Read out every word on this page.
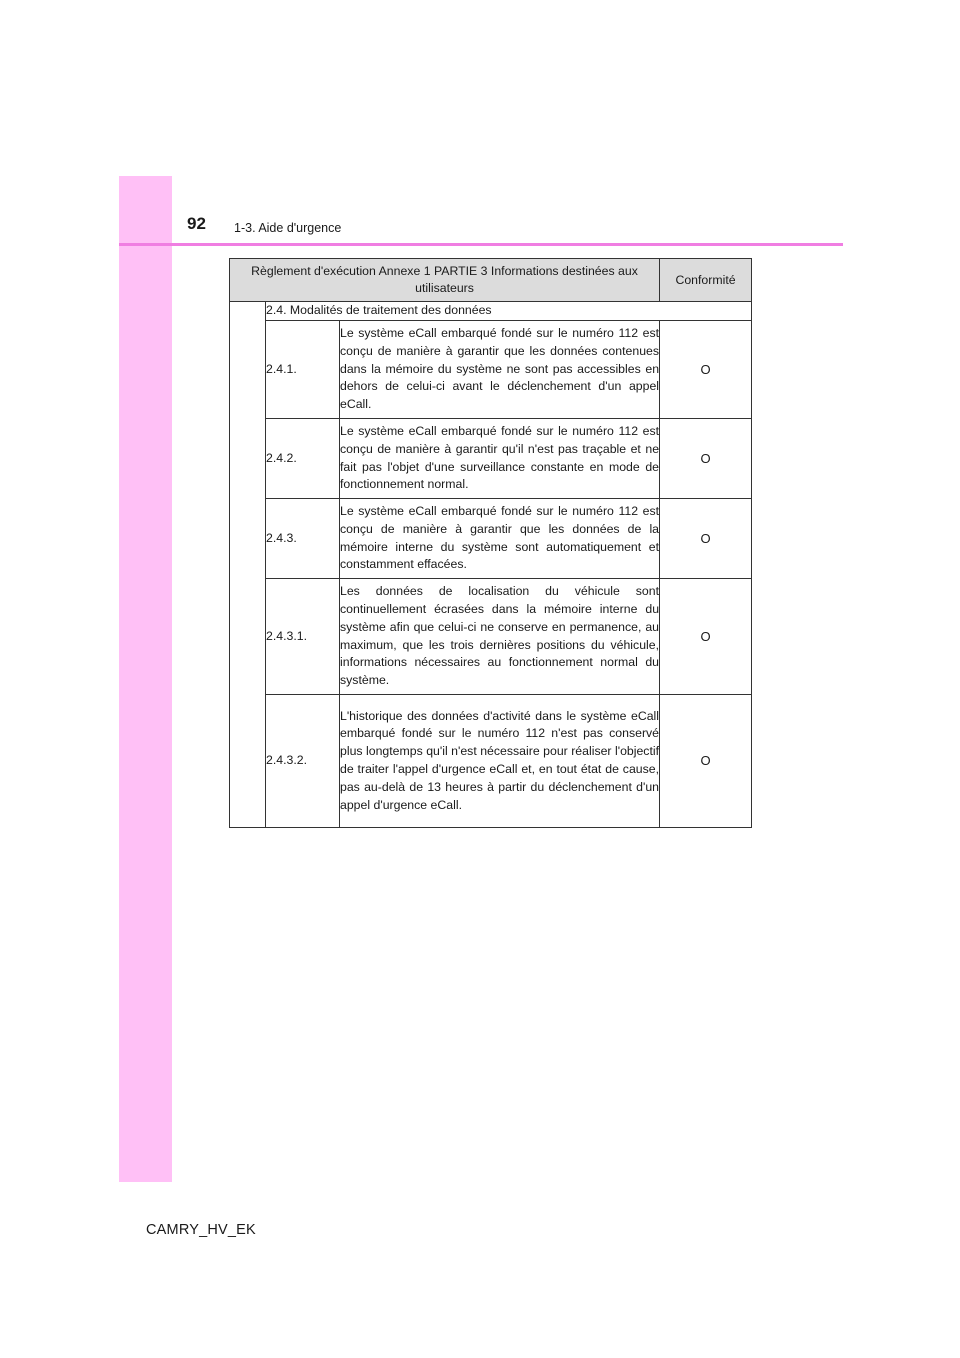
92 1-3. Aide d'urgence
Règlement d'exécution Annexe 1 PARTIE 3 Informations destinées aux utilisateurs			Conformité
	2.4. Modalités de traitement des données		
	2.4.1.	Le système eCall embarqué fondé sur le numéro 112 est conçu de manière à garantir que les données contenues dans la mémoire du système ne sont pas accessibles en dehors de celui-ci avant le déclenchement d'un appel eCall.	O
	2.4.2.	Le système eCall embarqué fondé sur le numéro 112 est conçu de manière à garantir qu'il n'est pas traçable et ne fait pas l'objet d'une surveillance constante en mode de fonctionnement normal.	O
	2.4.3.	Le système eCall embarqué fondé sur le numéro 112 est conçu de manière à garantir que les données de la mémoire interne du système sont automatiquement et constamment effacées.	O
	2.4.3.1.	Les données de localisation du véhicule sont continuellement écrasées dans la mémoire interne du système afin que celui-ci ne conserve en permanence, au maximum, que les trois dernières positions du véhicule, informations nécessaires au fonctionnement normal du système.	O
	2.4.3.2.	L'historique des données d'activité dans le système eCall embarqué fondé sur le numéro 112 n'est pas conservé plus longtemps qu'il n'est nécessaire pour réaliser l'objectif de traiter l'appel d'urgence eCall et, en tout état de cause, pas au-delà de 13 heures à partir du déclenchement d'un appel d'urgence eCall.	O
CAMRY_HV_EK
